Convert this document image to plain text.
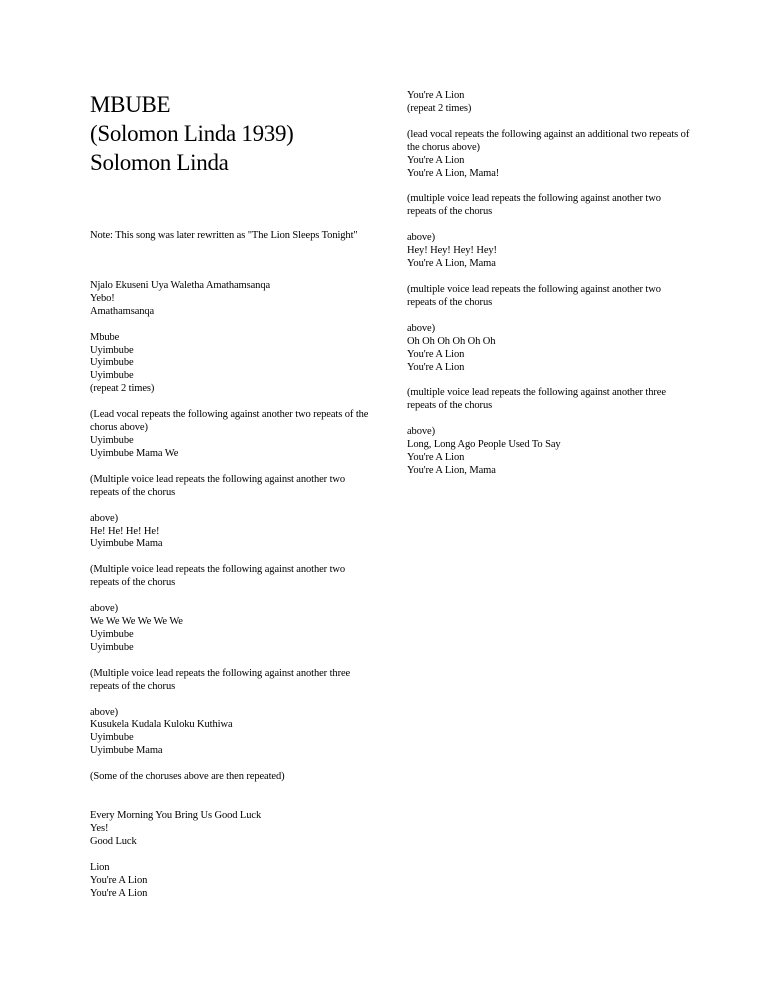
MBUBE
(Solomon Linda 1939)
Solomon Linda

Note: This song was later rewritten as "The Lion Sleeps Tonight"

Njalo Ekuseni Uya Waletha Amathamsanqa
Yebo!
Amathamsanqa

Mbube
Uyimbube
Uyimbube
Uyimbube
(repeat 2 times)

(Lead vocal repeats the following against another two repeats of the chorus above)
Uyimbube
Uyimbube Mama We

(Multiple voice lead repeats the following against another two repeats of the chorus

above)
He! He! He! He!
Uyimbube Mama

(Multiple voice lead repeats the following against another two repeats of the chorus

above)
We We We We We We
Uyimbube
Uyimbube

(Multiple voice lead repeats the following against another three repeats of the chorus

above)
Kusukela Kudala Kuloku Kuthiwa
Uyimbube
Uyimbube Mama

(Some of the choruses above are then repeated)

Every Morning You Bring Us Good Luck
Yes!
Good Luck

Lion
You're A Lion
You're A Lion

You're A Lion
(repeat 2 times)

(lead vocal repeats the following against an additional two repeats of the chorus above)
You're A Lion
You're A Lion, Mama!

(multiple voice lead repeats the following against another two repeats of the chorus

above)
Hey! Hey! Hey! Hey!
You're A Lion, Mama

(multiple voice lead repeats the following against another two repeats of the chorus

above)
Oh Oh Oh Oh Oh Oh
You're A Lion
You're A Lion

(multiple voice lead repeats the following against another three repeats of the chorus

above)
Long, Long Ago People Used To Say
You're A Lion
You're A Lion, Mama
